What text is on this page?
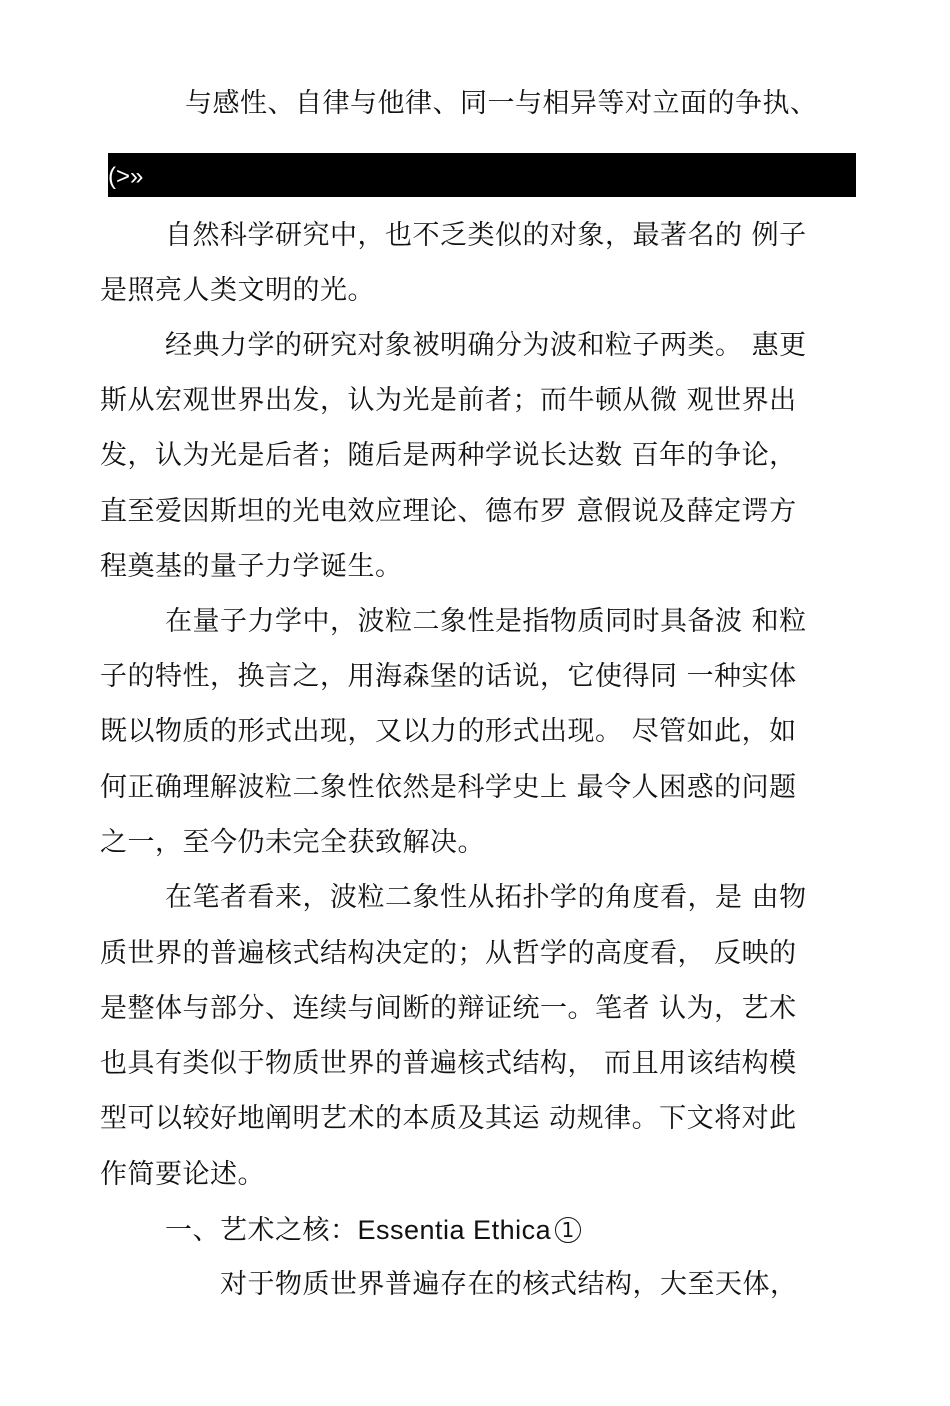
与感性、自律与他律、同一与相异等对立面的争执、
(>»
自然科学研究中，也不乏类似的对象，最著名的 例子
是照亮人类文明的光。
经典力学的研究对象被明确分为波和粒子两类。 惠更
斯从宏观世界出发，认为光是前者；而牛顿从微 观世界出
发，认为光是后者；随后是两种学说长达数 百年的争论，
直至爱因斯坦的光电效应理论、德布罗 意假说及薛定谔方
程奠基的量子力学诞生。
在量子力学中，波粒二象性是指物质同时具备波 和粒
子的特性，换言之，用海森堡的话说，它使得同 一种实体
既以物质的形式出现，又以力的形式出现。 尽管如此，如
何正确理解波粒二象性依然是科学史上 最令人困惑的问题
之一，至今仍未完全获致解决。
在笔者看来，波粒二象性从拓扑学的角度看，是 由物
质世界的普遍核式结构决定的；从哲学的高度看， 反映的
是整体与部分、连续与间断的辩证统一。笔者 认为，艺术
也具有类似于物质世界的普遍核式结构， 而且用该结构模
型可以较好地阐明艺术的本质及其运 动规律。下文将对此
作简要论述。
一、艺术之核：Essentia Ethica 1
对于物质世界普遍存在的核式结构，大至天体，
